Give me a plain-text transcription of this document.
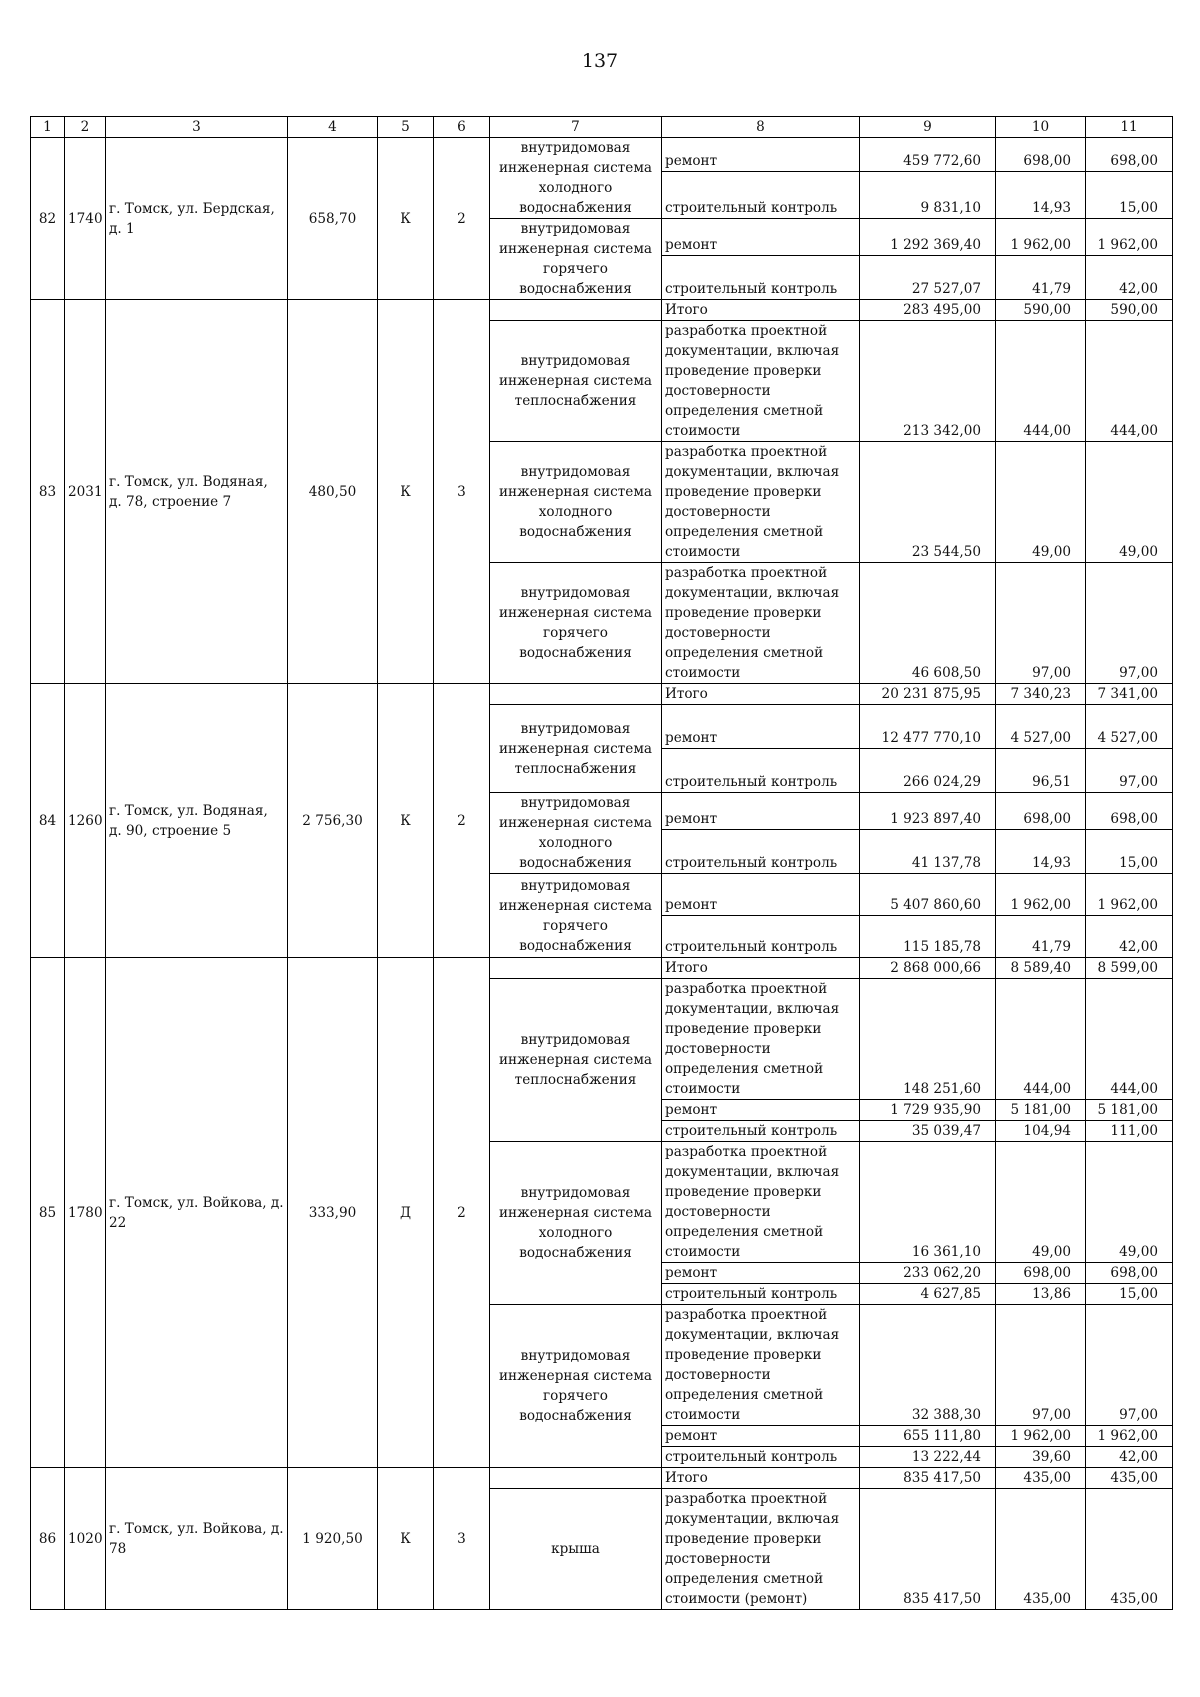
137
1	2	3	4	5	6	7	8	9	10	11
82	1740	г. Томск, ул. Бердская, д. 1	658,70	К	2	внутридомовая инженерная система холодного водоснабжения	ремонт	459 772,60	698,00	698,00
							строительный контроль	9 831,10	14,93	15,00
						внутридомовая инженерная система горячего водоснабжения	ремонт	1 292 369,40	1 962,00	1 962,00
							строительный контроль	27 527,07	41,79	42,00
83	2031	г. Томск, ул. Водяная, д. 78, строение 7	480,50	К	3		Итого	283 495,00	590,00	590,00
						внутридомовая инженерная система теплоснабжения	разработка проектной документации, включая проведение проверки достоверности определения сметной стоимости	213 342,00	444,00	444,00
						внутридомовая инженерная система холодного водоснабжения	разработка проектной документации, включая проведение проверки достоверности определения сметной стоимости	23 544,50	49,00	49,00
						внутридомовая инженерная система горячего водоснабжения	разработка проектной документации, включая проведение проверки достоверности определения сметной стоимости	46 608,50	97,00	97,00
84	1260	г. Томск, ул. Водяная, д. 90, строение 5	2 756,30	К	2		Итого	20 231 875,95	7 340,23	7 341,00
						внутридомовая инженерная система теплоснабжения	ремонт	12 477 770,10	4 527,00	4 527,00
							строительный контроль	266 024,29	96,51	97,00
						внутридомовая инженерная система холодного водоснабжения	ремонт	1 923 897,40	698,00	698,00
							строительный контроль	41 137,78	14,93	15,00
						внутридомовая инженерная система горячего водоснабжения	ремонт	5 407 860,60	1 962,00	1 962,00
							строительный контроль	115 185,78	41,79	42,00
85	1780	г. Томск, ул. Войкова, д. 22	333,90	Д	2		Итого	2 868 000,66	8 589,40	8 599,00
						внутридомовая инженерная система теплоснабжения	разработка проектной документации, включая проведение проверки достоверности определения сметной стоимости	148 251,60	444,00	444,00
							ремонт	1 729 935,90	5 181,00	5 181,00
							строительный контроль	35 039,47	104,94	111,00
						внутридомовая инженерная система холодного водоснабжения	разработка проектной документации, включая проведение проверки достоверности определения сметной стоимости	16 361,10	49,00	49,00
							ремонт	233 062,20	698,00	698,00
							строительный контроль	4 627,85	13,86	15,00
						внутридомовая инженерная система горячего водоснабжения	разработка проектной документации, включая проведение проверки достоверности определения сметной стоимости	32 388,30	97,00	97,00
							ремонт	655 111,80	1 962,00	1 962,00
							строительный контроль	13 222,44	39,60	42,00
86	1020	г. Томск, ул. Войкова, д. 78	1 920,50	К	3		Итого	835 417,50	435,00	435,00
						крыша	разработка проектной документации, включая проведение проверки достоверности определения сметной стоимости (ремонт)	835 417,50	435,00	435,00
